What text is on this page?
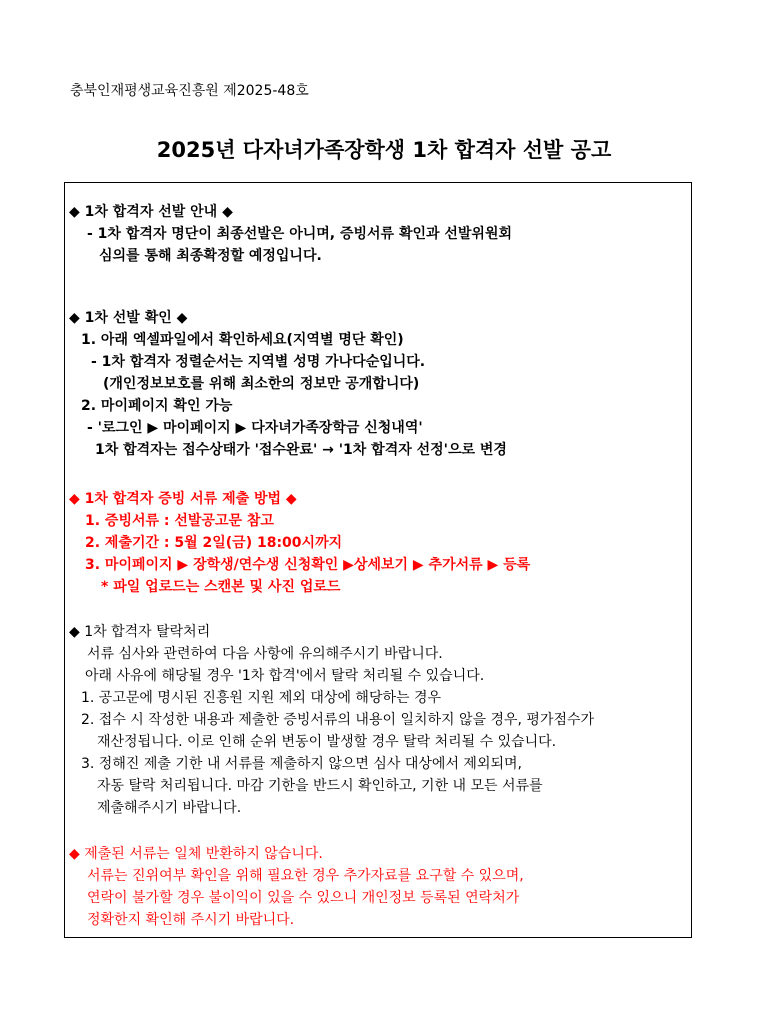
충북인재평생교육진흥원 제2025-48호
2025년 다자녀가족장학생 1차 합격자 선발 공고
◆ 1차 합격자 선발 안내 ◆
- 1차 합격자 명단이 최종선발은 아니며, 증빙서류 확인과 선발위원회
심의를 통해 최종확정할 예정입니다.
◆ 1차 선발 확인 ◆
1. 아래 엑셀파일에서 확인하세요(지역별 명단 확인)
- 1차 합격자 정렬순서는 지역별 성명 가나다순입니다.
(개인정보보호를 위해 최소한의 정보만 공개합니다)
2. 마이페이지 확인 가능
- '로그인 ▶ 마이페이지 ▶ 다자녀가족장학금 신청내역'
1차 합격자는 접수상태가 '접수완료' → '1차 합격자 선정'으로 변경
◆ 1차 합격자 증빙 서류 제출 방법 ◆
1. 증빙서류 : 선발공고문 참고
2. 제출기간 : 5월 2일(금) 18:00시까지
3. 마이페이지 ▶ 장학생/연수생 신청확인 ▶상세보기 ▶ 추가서류 ▶ 등록
* 파일 업로드는 스캔본 및 사진 업로드
◆ 1차 합격자 탈락처리
서류 심사와 관련하여 다음 사항에 유의해주시기 바랍니다.
아래 사유에 해당될 경우 '1차 합격'에서 탈락 처리될 수 있습니다.
1. 공고문에 명시된 진흥원 지원 제외 대상에 해당하는 경우
2. 접수 시 작성한 내용과 제출한 증빙서류의 내용이 일치하지 않을 경우, 평가점수가
재산정됩니다. 이로 인해 순위 변동이 발생할 경우 탈락 처리될 수 있습니다.
3. 정해진 제출 기한 내 서류를 제출하지 않으면 심사 대상에서 제외되며,
자동 탈락 처리됩니다. 마감 기한을 반드시 확인하고, 기한 내 모든 서류를
제출해주시기 바랍니다.
◆ 제출된 서류는 일체 반환하지 않습니다.
서류는 진위여부 확인을 위해 필요한 경우 추가자료를 요구할 수 있으며,
연락이 불가할 경우 불이익이 있을 수 있으니 개인정보 등록된 연락처가
정확한지 확인해 주시기 바랍니다.
